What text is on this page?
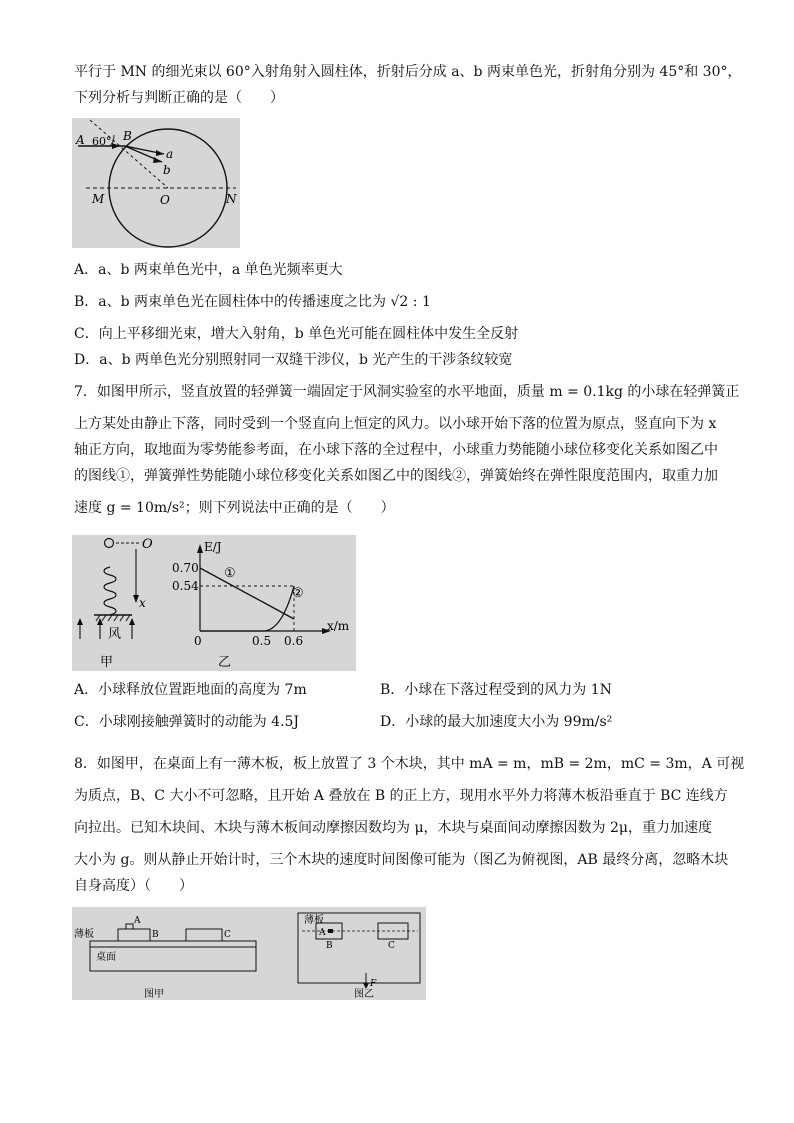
平行于 MN 的细光束以 60°入射角射入圆柱体，折射后分成 a、b 两束单色光，折射角分别为 45°和 30°，
下列分析与判断正确的是（　　）
A 60° B
a
b
M	O	N
A．a、b 两束单色光中，a 单色光频率更大
B．a、b 两束单色光在圆柱体中的传播速度之比为 √2 : 1
C．向上平移细光束，增大入射角，b 单色光可能在圆柱体中发生全反射
D．a、b 两单色光分别照射同一双缝干涉仪，b 光产生的干涉条纹较宽
7．如图甲所示，竖直放置的轻弹簧一端固定于风洞实验室的水平地面，质量 m = 0.1kg 的小球在轻弹簧正
上方某处由静止下落，同时受到一个竖直向上恒定的风力。以小球开始下落的位置为原点，竖直向下为 x
轴正方向，取地面为零势能参考面，在小球下落的全过程中，小球重力势能随小球位移变化关系如图乙中
的图线①，弹簧弹性势能随小球位移变化关系如图乙中的图线②，弹簧始终在弹性限度范围内，取重力加
速度 g = 10m/s²；则下列说法中正确的是（　　）
O
x
风
甲
E/J
x/m
0.70
0.54
①
②
0	0.5 0.6
乙
A．小球释放位置距地面的高度为 7m	B．小球在下落过程受到的风力为 1N
C．小球刚接触弹簧时的动能为 4.5J	D．小球的最大加速度大小为 99m/s²
8．如图甲，在桌面上有一薄木板，板上放置了 3 个木块，其中 mA = m，mB = 2m，mC = 3m，A 可视
为质点，B、C 大小不可忽略，且开始 A 叠放在 B 的正上方，现用水平外力将薄木板沿垂直于 BC 连线方
向拉出。已知木块间、木块与薄木板间动摩擦因数均为 μ，木块与桌面间动摩擦因数为 2μ，重力加速度
大小为 g。则从静止开始计时，三个木块的速度时间图像可能为（图乙为俯视图，AB 最终分离，忽略木块
自身高度）（　　）
薄板
桌面
A
B	C
图甲
薄板
A
B	C
F
图乙
